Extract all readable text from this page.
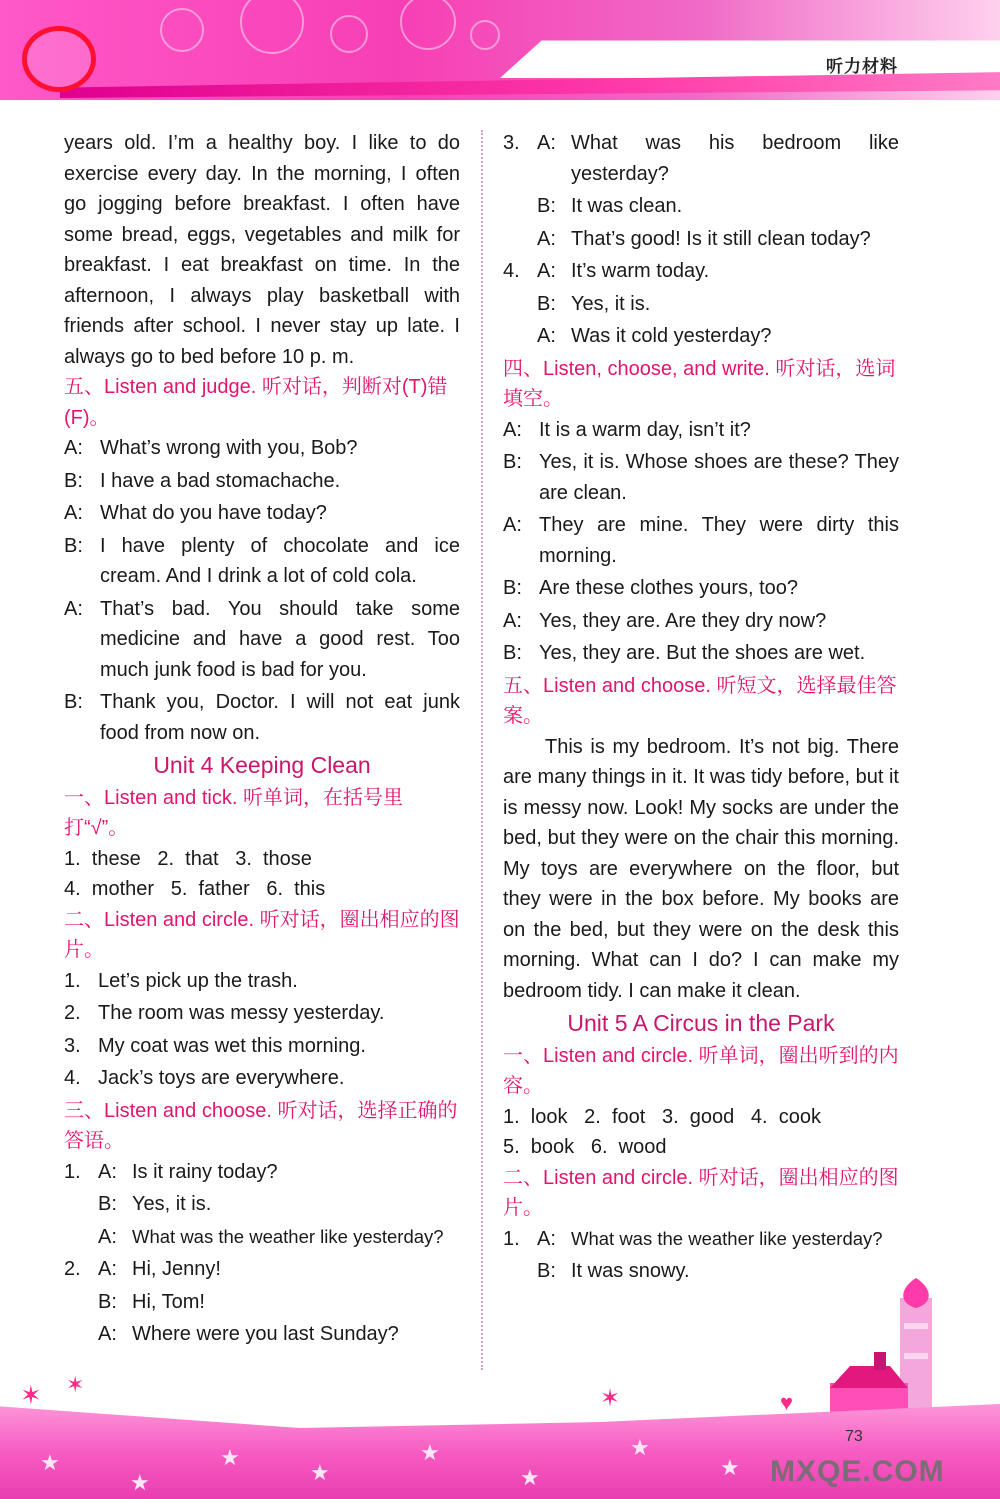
听力材料

years old. I’m a healthy boy. I like to do exercise every day. In the morning, I often go jogging before breakfast. I often have some bread, eggs, vegetables and milk for breakfast. I eat breakfast on time. In the afternoon, I always play basketball with friends after school. I never stay up late. I always go to bed before 10 p. m.

五、Listen and judge. 听对话，判断对(T)错(F)。

A: What’s wrong with you, Bob?
B: I have a bad stomachache.
A: What do you have today?
B: I have plenty of chocolate and ice cream. And I drink a lot of cold cola.
A: That’s bad. You should take some medicine and have a good rest. Too much junk food is bad for you.
B: Thank you, Doctor. I will not eat junk food from now on.

Unit 4 Keeping Clean

一、Listen and tick. 听单词，在括号里打“√”。

1.  these   2.  that   3.  those

4.  mother   5.  father   6.  this

二、Listen and circle. 听对话，圈出相应的图片。

1. Let’s pick up the trash.
2. The room was messy yesterday.
3. My coat was wet this morning.
4. Jack’s toys are everywhere.

三、Listen and choose. 听对话，选择正确的答语。

1. A: Is it rainy today?
B: Yes, it is.
A: What was the weather like yesterday?
2. A: Hi, Jenny!
B: Hi, Tom!
A: Where were you last Sunday?
3. A: What was his bedroom like yesterday?
B: It was clean.
A: That’s good! Is it still clean today?
4. A: It’s warm today.
B: Yes, it is.
A: Was it cold yesterday?

四、Listen, choose, and write. 听对话，选词填空。

A: It is a warm day, isn’t it?
B: Yes, it is. Whose shoes are these? They are clean.
A: They are mine. They were dirty this morning.
B: Are these clothes yours, too?
A: Yes, they are. Are they dry now?
B: Yes, they are. But the shoes are wet.

五、Listen and choose. 听短文，选择最佳答案。

This is my bedroom. It’s not big. There are many things in it. It was tidy before, but it is messy now. Look! My socks are under the bed, but they were on the chair this morning. My toys are everywhere on the floor, but they were in the box before. My books are on the bed, but they were on the desk this morning. What can I do? I can make my bedroom tidy. I can make it clean.

Unit 5 A Circus in the Park

一、Listen and circle. 听单词，圈出听到的内容。

1.  look   2.  foot   3.  good   4.  cook

5.  book   6.  wood

二、Listen and circle. 听对话，圈出相应的图片。

1. A: What was the weather like yesterday?
B: It was snowy.
★
★
★
★
★
★
★
★
✶ ✶
✶	♥
73
MXQE.COM
